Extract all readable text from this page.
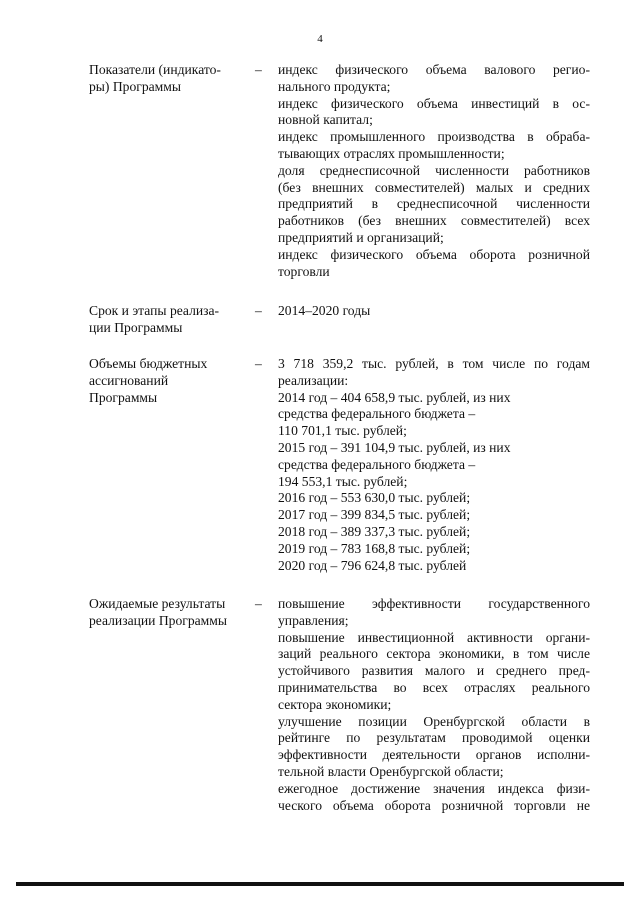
4
Показатели (индикато-
ры) Программы
– индекс физического объема валового регио-
нального продукта;
индекс физического объема инвестиций в ос-
новной капитал;
индекс промышленного производства в обраба-
тывающих отраслях промышленности;
доля среднесписочной численности работников
(без внешних совместителей) малых и средних
предприятий в среднесписочной численности
работников (без внешних совместителей) всех
предприятий и организаций;
индекс физического объема оборота розничной
торговли
Срок и этапы реализа-
ции Программы
– 2014–2020 годы
Объемы бюджетных
ассигнований
Программы
– 3 718 359,2 тыс. рублей, в том числе по годам
реализации:
2014 год – 404 658,9 тыс. рублей, из них
средства федерального бюджета –
110 701,1 тыс. рублей;
2015 год – 391 104,9 тыс. рублей, из них
средства федерального бюджета –
194 553,1 тыс. рублей;
2016 год – 553 630,0 тыс. рублей;
2017 год – 399 834,5 тыс. рублей;
2018 год – 389 337,3 тыс. рублей;
2019 год – 783 168,8 тыс. рублей;
2020 год – 796 624,8 тыс. рублей
Ожидаемые результаты
реализации Программы
– повышение эффективности государственного
управления;
повышение инвестиционной активности органи-
заций реального сектора экономики, в том числе
устойчивого развития малого и среднего пред-
принимательства во всех отраслях реального
сектора экономики;
улучшение позиции Оренбургской области в
рейтинге по результатам проводимой оценки
эффективности деятельности органов исполни-
тельной власти Оренбургской области;
ежегодное достижение значения индекса физи-
ческого объема оборота розничной торговли не
